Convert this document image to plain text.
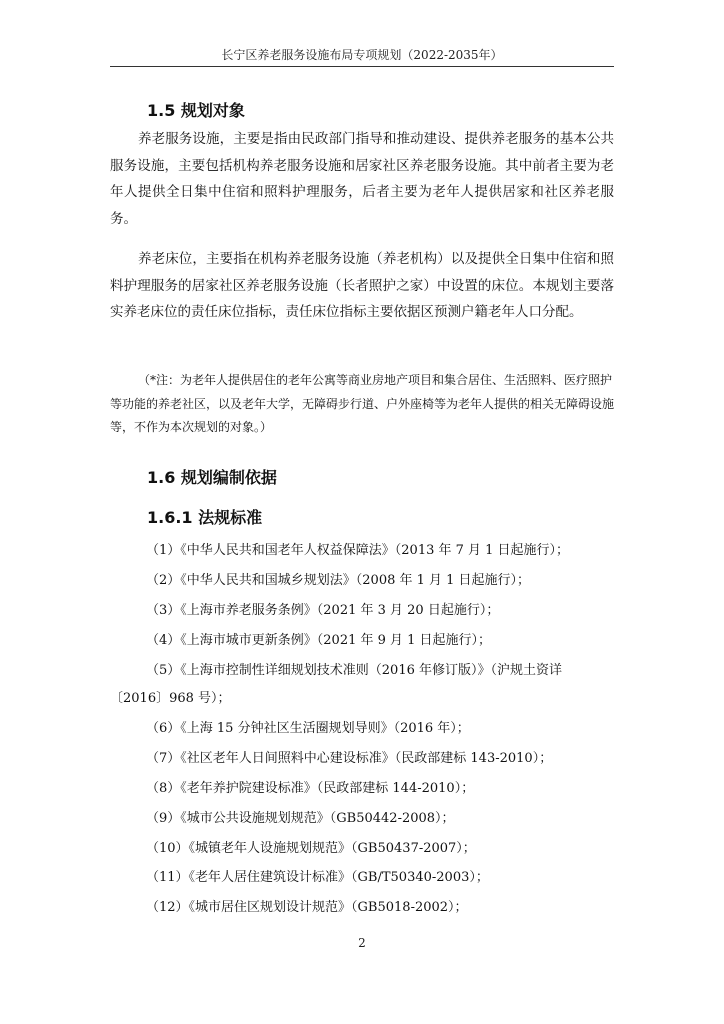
长宁区养老服务设施布局专项规划（2022-2035年）
1.5 规划对象
养老服务设施，主要是指由民政部门指导和推动建设、提供养老服务的基本公共服务设施，主要包括机构养老服务设施和居家社区养老服务设施。其中前者主要为老年人提供全日集中住宿和照料护理服务，后者主要为老年人提供居家和社区养老服务。
养老床位，主要指在机构养老服务设施（养老机构）以及提供全日集中住宿和照料护理服务的居家社区养老服务设施（长者照护之家）中设置的床位。本规划主要落实养老床位的责任床位指标，责任床位指标主要依据区预测户籍老年人口分配。
（*注：为老年人提供居住的老年公寓等商业房地产项目和集合居住、生活照料、医疗照护等功能的养老社区，以及老年大学，无障碍步行道、户外座椅等为老年人提供的相关无障碍设施等，不作为本次规划的对象。）
1.6 规划编制依据
1.6.1 法规标准
（1）《中华人民共和国老年人权益保障法》（2013 年 7 月 1 日起施行）；
（2）《中华人民共和国城乡规划法》（2008 年 1 月 1 日起施行）；
（3）《上海市养老服务条例》（2021 年 3 月 20 日起施行）；
（4）《上海市城市更新条例》（2021 年 9 月 1 日起施行）；
（5）《上海市控制性详细规划技术准则（2016 年修订版）》（沪规土资详〔2016〕968 号）；
（6）《上海 15 分钟社区生活圈规划导则》（2016 年）；
（7）《社区老年人日间照料中心建设标准》（民政部建标 143-2010）；
（8）《老年养护院建设标准》（民政部建标 144-2010）；
（9）《城市公共设施规划规范》（GB50442-2008）；
（10）《城镇老年人设施规划规范》（GB50437-2007）；
（11）《老年人居住建筑设计标准》（GB/T50340-2003）；
（12）《城市居住区规划设计规范》（GB5018-2002）；
2
